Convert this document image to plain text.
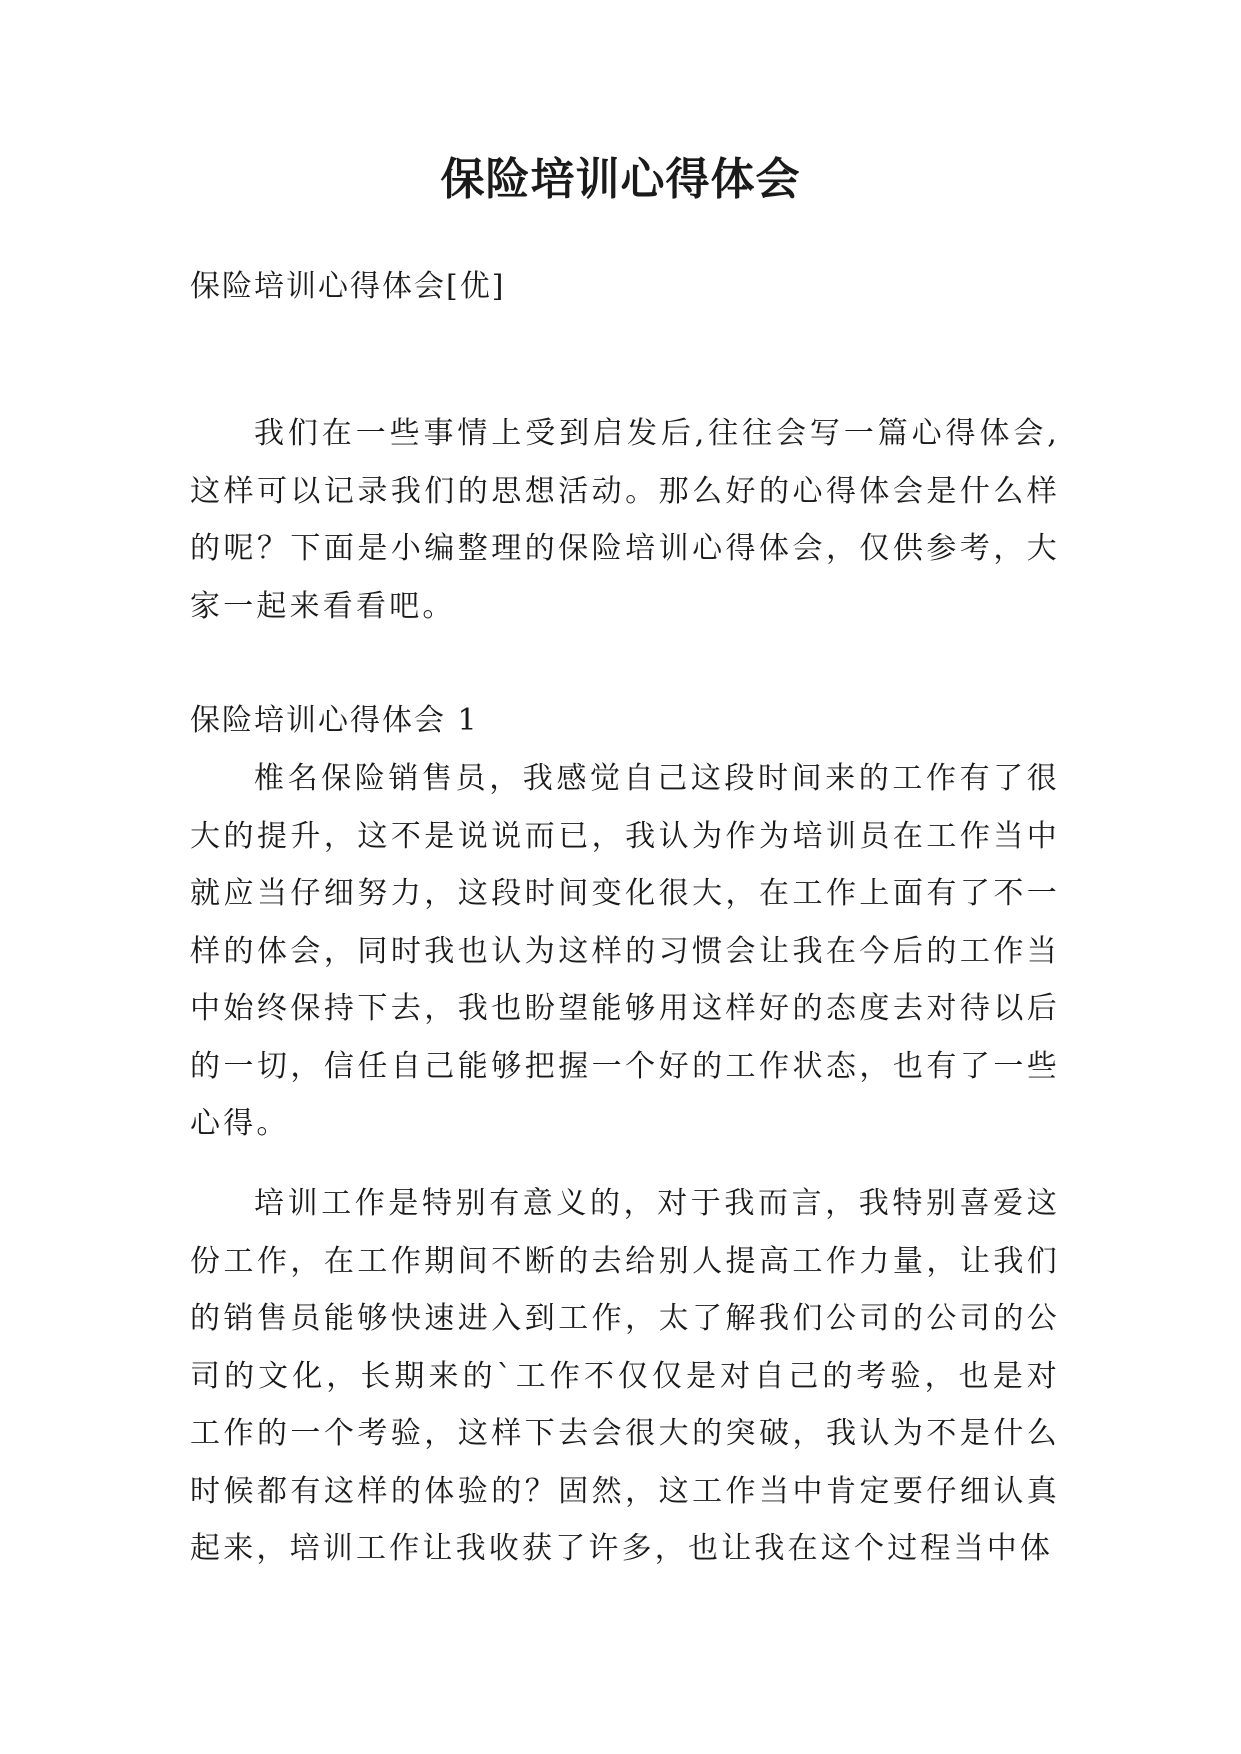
保险培训心得体会

保险培训心得体会[优]

我们在一些事情上受到启发后,往往会写一篇心得体会,这样可以记录我们的思想活动。那么好的心得体会是什么样的呢？下面是小编整理的保险培训心得体会，仅供参考，大家一起来看看吧。

保险培训心得体会 1

椎名保险销售员，我感觉自己这段时间来的工作有了很大的提升，这不是说说而已，我认为作为培训员在工作当中就应当仔细努力，这段时间变化很大，在工作上面有了不一样的体会，同时我也认为这样的习惯会让我在今后的工作当中始终保持下去，我也盼望能够用这样好的态度去对待以后的一切，信任自己能够把握一个好的工作状态，也有了一些心得。

培训工作是特别有意义的，对于我而言，我特别喜爱这份工作，在工作期间不断的去给别人提高工作力量，让我们的销售员能够快速进入到工作，太了解我们公司的公司的公司的文化，长期来的`工作不仅仅是对自己的考验，也是对工作的一个考验，这样下去会很大的突破，我认为不是什么时候都有这样的体验的？固然，这工作当中肯定要仔细认真起来，培训工作让我收获了许多，也让我在这个过程当中体
